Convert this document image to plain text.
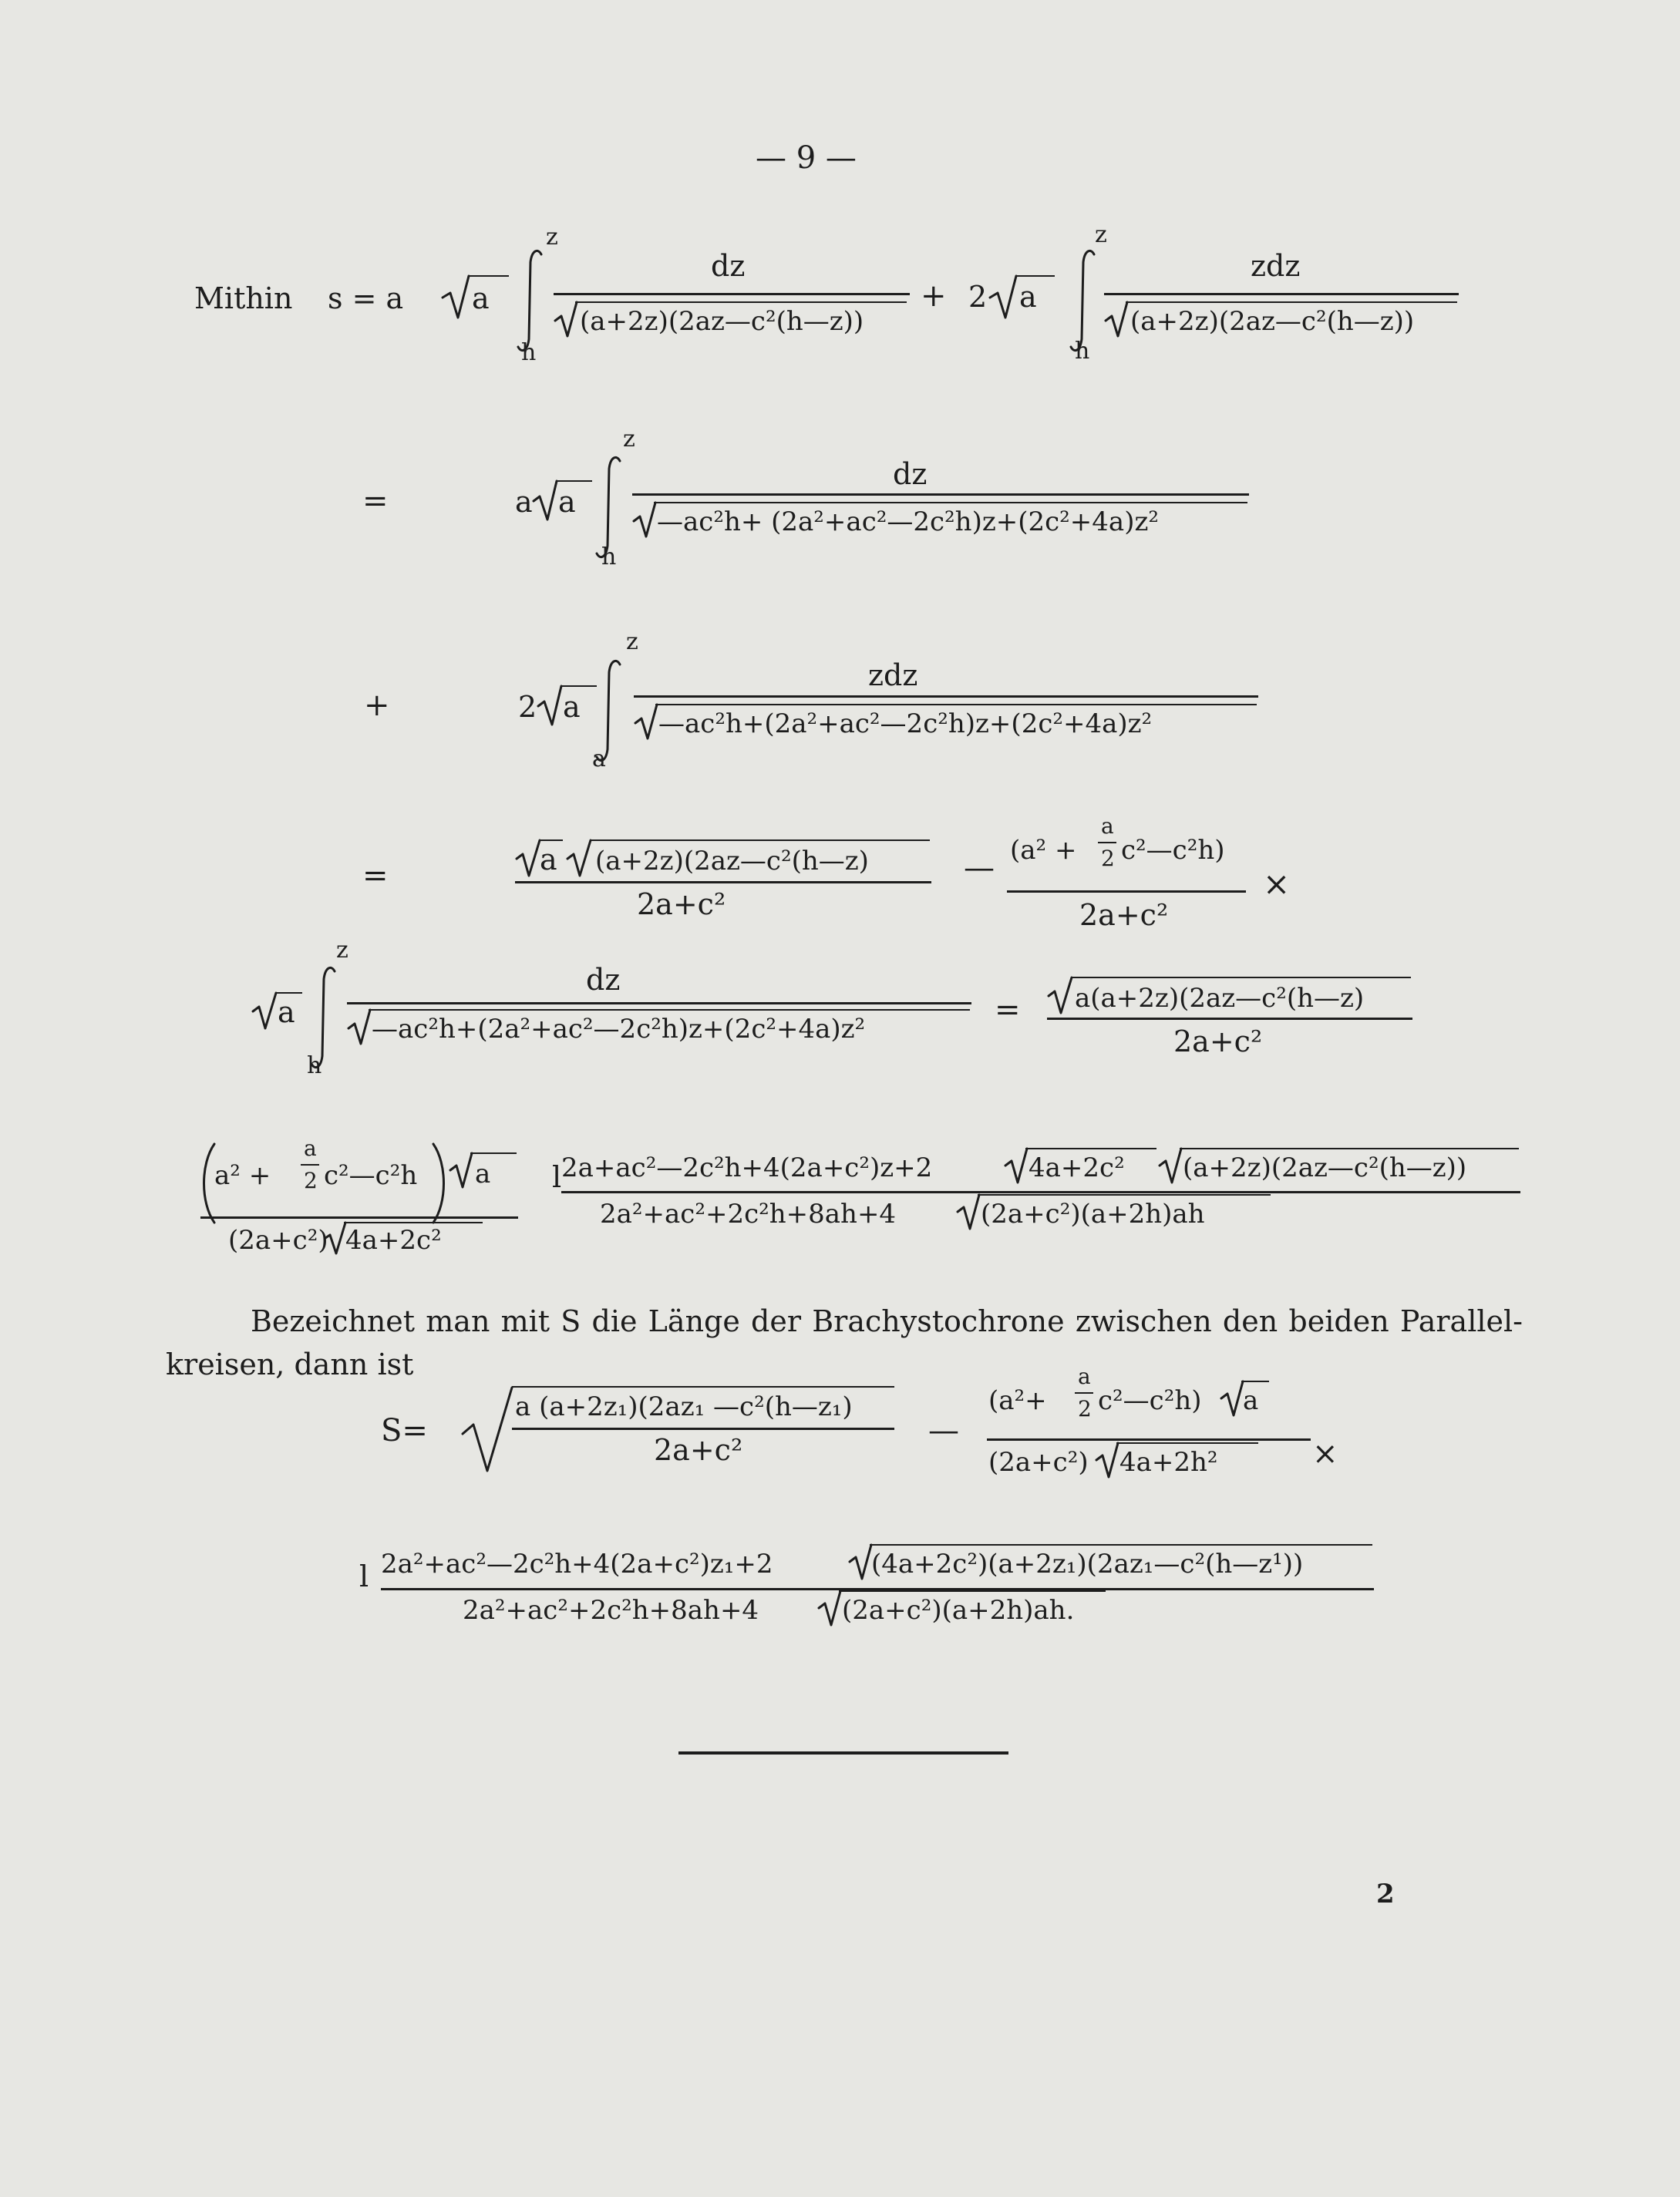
— 9 —
Mithin s = a a
z
h
dz
(a+2z)(2az—c²(h—z))
+ 2 a
z
h
zdz
(a+2z)(2az—c²(h—z))
=	a a
z
h
dz
—ac²h+ (2a²+ac²—2c²h)z+(2c²+4a)z²
+	2 a
z
a
zdz
—ac²h+(2a²+ac²—2c²h)z+(2c²+4a)z²
=	a (a+2z)(2az—c²(h—z)
2a+c²
— (a² +
a
2 c²—c²h)
2a+c²
×
a
z
h
dz
—ac²h+(2a²+ac²—2c²h)z+(2c²+4a)z²
= a(a+2z)(2az—c²(h—z)
2a+c²
a² +
a
2 c²—c²h a
(2a+c²) 4a+2c²
l 2a+ac²—2c²h+4(2a+c²)z+2	4a+2c² (a+2z)(2az—c²(h—z))
2a²+ac²+2c²h+8ah+4	(2a+c²)(a+2h)ah
Bezeichnet man mit S die Länge der Brachystochrone zwischen den beiden Parallel-
kreisen, dann ist
S=
a (a+2z₁)(2az₁ —c²(h—z₁)
2a+c²
—
(a²+
a
2 c²—c²h) a
(2a+c²) 4a+2h²	×
l 2a²+ac²—2c²h+4(2a+c²)z₁+2	(4a+2c²)(a+2z₁)(2az₁—c²(h—z¹))
2a²+ac²+2c²h+8ah+4	(2a+c²)(a+2h)ah.
2
